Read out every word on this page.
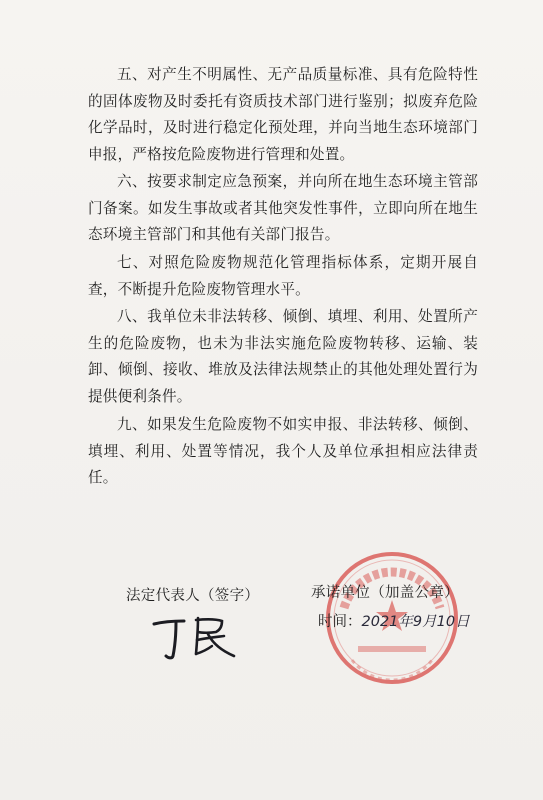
五、对产生不明属性、无产品质量标准、具有危险特性的固体废物及时委托有资质技术部门进行鉴别；拟废弃危险化学品时，及时进行稳定化预处理，并向当地生态环境部门申报，严格按危险废物进行管理和处置。

六、按要求制定应急预案，并向所在地生态环境主管部门备案。如发生事故或者其他突发性事件，立即向所在地生态环境主管部门和其他有关部门报告。

七、对照危险废物规范化管理指标体系，定期开展自查，不断提升危险废物管理水平。

八、我单位未非法转移、倾倒、填埋、利用、处置所产生的危险废物，也未为非法实施危险废物转移、运输、装卸、倾倒、接收、堆放及法律法规禁止的其他处理处置行为提供便利条件。

九、如果发生危险废物不如实申报、非法转移、倾倒、填埋、利用、处置等情况，我个人及单位承担相应法律责任。

法定代表人（签字）	承诺单位（加盖公章）
时间：2021年9月10日
